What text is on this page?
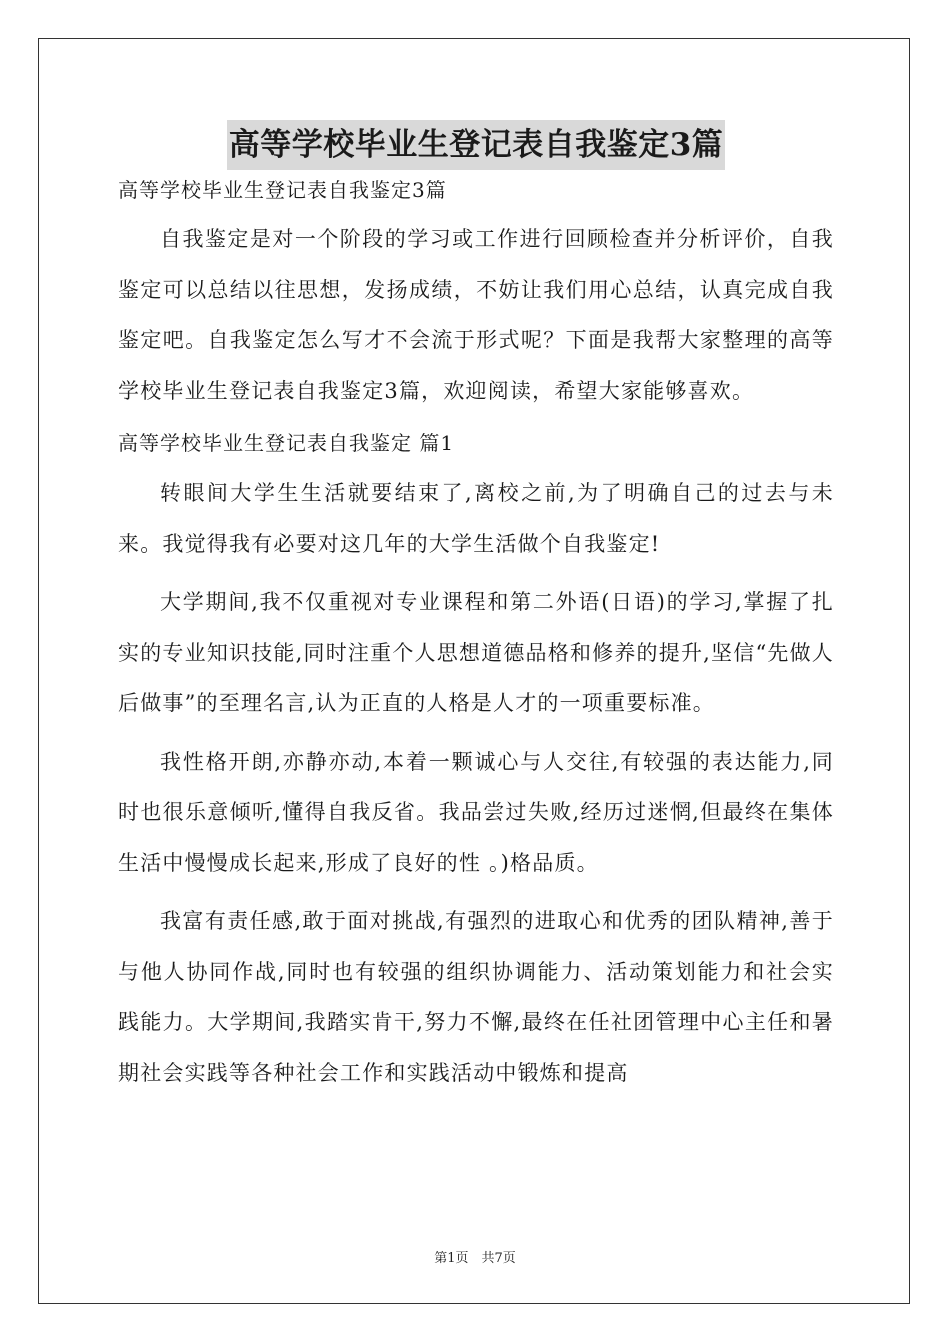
高等学校毕业生登记表自我鉴定3篇
高等学校毕业生登记表自我鉴定3篇

自我鉴定是对一个阶段的学习或工作进行回顾检查并分析评价，自我鉴定可以总结以往思想，发扬成绩，不妨让我们用心总结，认真完成自我鉴定吧。自我鉴定怎么写才不会流于形式呢？下面是我帮大家整理的高等学校毕业生登记表自我鉴定3篇，欢迎阅读，希望大家能够喜欢。

高等学校毕业生登记表自我鉴定 篇1

转眼间大学生生活就要结束了,离校之前,为了明确自己的过去与未来。我觉得我有必要对这几年的大学生活做个自我鉴定!

大学期间,我不仅重视对专业课程和第二外语(日语)的学习,掌握了扎实的专业知识技能,同时注重个人思想道德品格和修养的提升,坚信“先做人后做事”的至理名言,认为正直的人格是人才的一项重要标准。

我性格开朗,亦静亦动,本着一颗诚心与人交往,有较强的表达能力,同时也很乐意倾听,懂得自我反省。我品尝过失败,经历过迷惘,但最终在集体生活中慢慢成长起来,形成了良好的性 。)格品质。

我富有责任感,敢于面对挑战,有强烈的进取心和优秀的团队精神,善于与他人协同作战,同时也有较强的组织协调能力、活动策划能力和社会实践能力。大学期间,我踏实肯干,努力不懈,最终在任社团管理中心主任和暑期社会实践等各种社会工作和实践活动中锻炼和提高

第1页　共7页
